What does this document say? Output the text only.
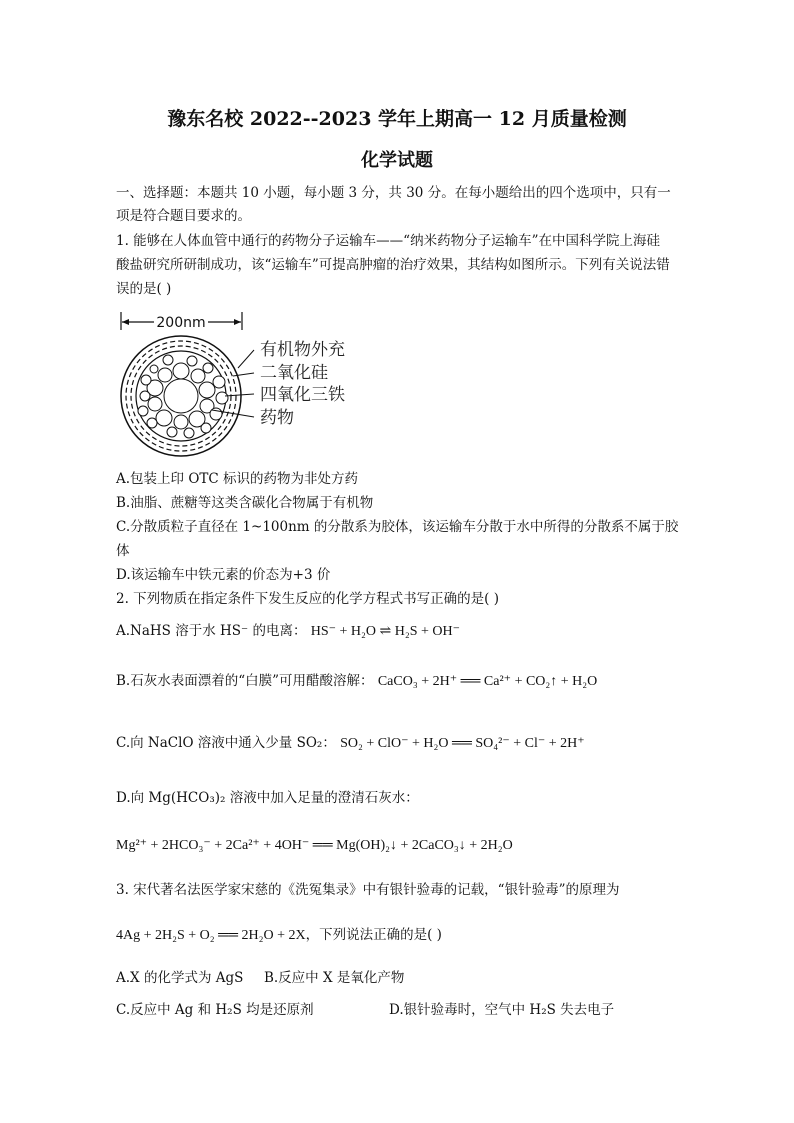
豫东名校 2022--2023 学年上期高一 12 月质量检测
化学试题
一、选择题：本题共 10 小题，每小题 3 分，共 30 分。在每小题给出的四个选项中，只有一
项是符合题目要求的。
1. 能够在人体血管中通行的药物分子运输车——“纳米药物分子运输车”在中国科学院上海硅
酸盐研究所研制成功，该“运输车”可提高肿瘤的治疗效果，其结构如图所示。下列有关说法错
误的是( )
200nm
有机物外充
二氧化硅
四氧化三铁
药物
A.包装上印 OTC 标识的药物为非处方药
B.油脂、蔗糖等这类含碳化合物属于有机物
C.分散质粒子直径在 1~100nm 的分散系为胶体，该运输车分散于水中所得的分散系不属于胶
体
D.该运输车中铁元素的价态为+3 价
2. 下列物质在指定条件下发生反应的化学方程式书写正确的是( )
A.NaHS 溶于水 HS⁻ 的电离： HS⁻ + H₂O ⇌ H₂S + OH⁻
B.石灰水表面漂着的“白膜”可用醋酸溶解： CaCO₃ + 2H⁺ ══ Ca²⁺ + CO₂↑ + H₂O
C.向 NaClO 溶液中通入少量 SO₂： SO₂ + ClO⁻ + H₂O ══ SO₄²⁻ + Cl⁻ + 2H⁺
D.向 Mg(HCO₃)₂ 溶液中加入足量的澄清石灰水：
Mg²⁺ + 2HCO₃⁻ + 2Ca²⁺ + 4OH⁻ ══ Mg(OH)₂↓ + 2CaCO₃↓ + 2H₂O
3. 宋代著名法医学家宋慈的《洗冤集录》中有银针验毒的记载，“银针验毒”的原理为
4Ag + 2H₂S + O₂ ══ 2H₂O + 2X，下列说法正确的是( )
A.X 的化学式为 AgS B.反应中 X 是氧化产物
C.反应中 Ag 和 H₂S 均是还原剂	D.银针验毒时，空气中 H₂S 失去电子
